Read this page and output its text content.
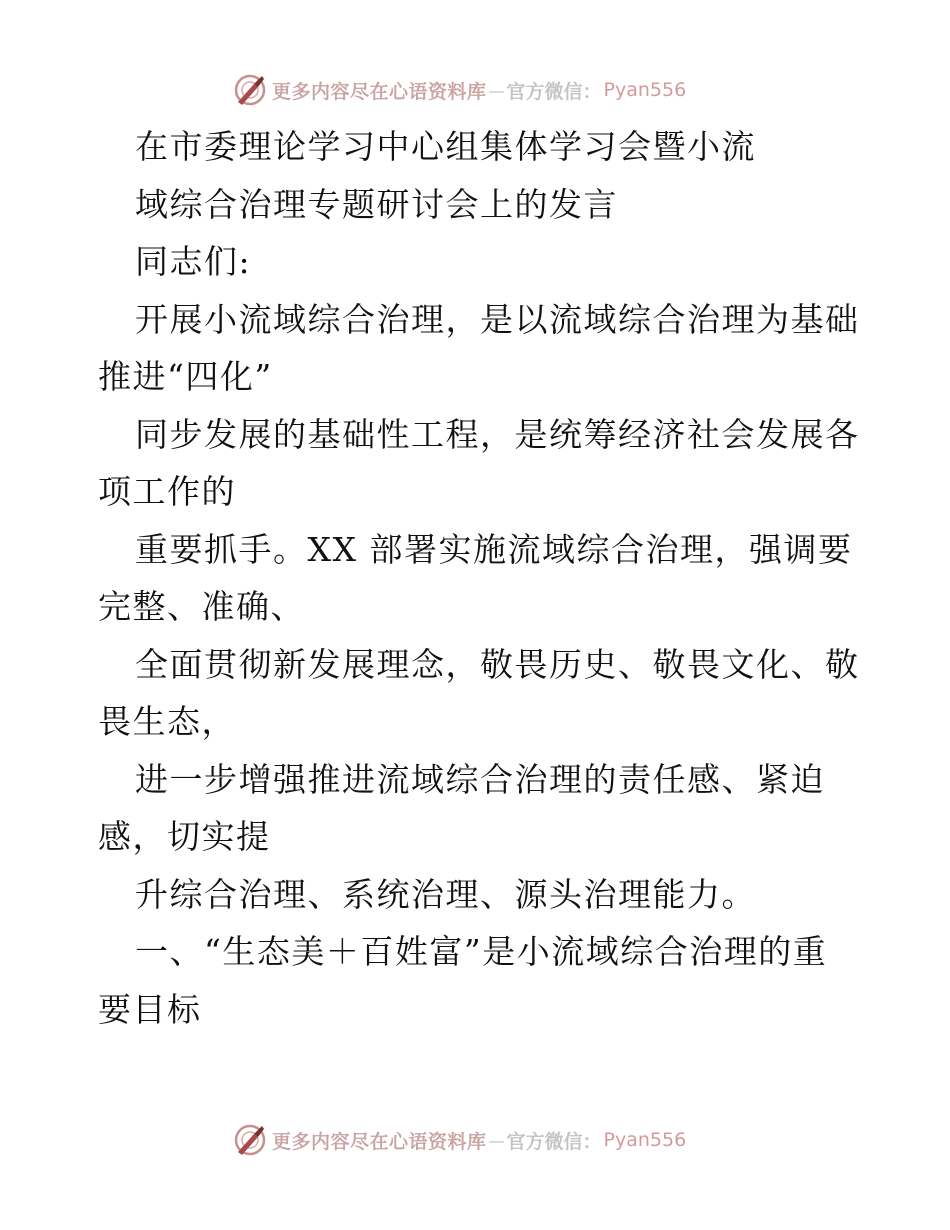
更多内容尽在心语资料库 — 官方微信： Pyan556
在市委理论学习中心组集体学习会暨小流
域综合治理专题研讨会上的发言
同志们:
开展小流域综合治理，是以流域综合治理为基础
推进“四化”
同步发展的基础性工程，是统筹经济社会发展各
项工作的
重要抓手。XX 部署实施流域综合治理，强调要
完整、准确、
全面贯彻新发展理念，敬畏历史、敬畏文化、敬
畏生态，
进一步增强推进流域综合治理的责任感、紧迫
感，切实提
升综合治理、系统治理、源头治理能力。
一、“生态美＋百姓富”是小流域综合治理的重
要目标
更多内容尽在心语资料库 — 官方微信： Pyan556
